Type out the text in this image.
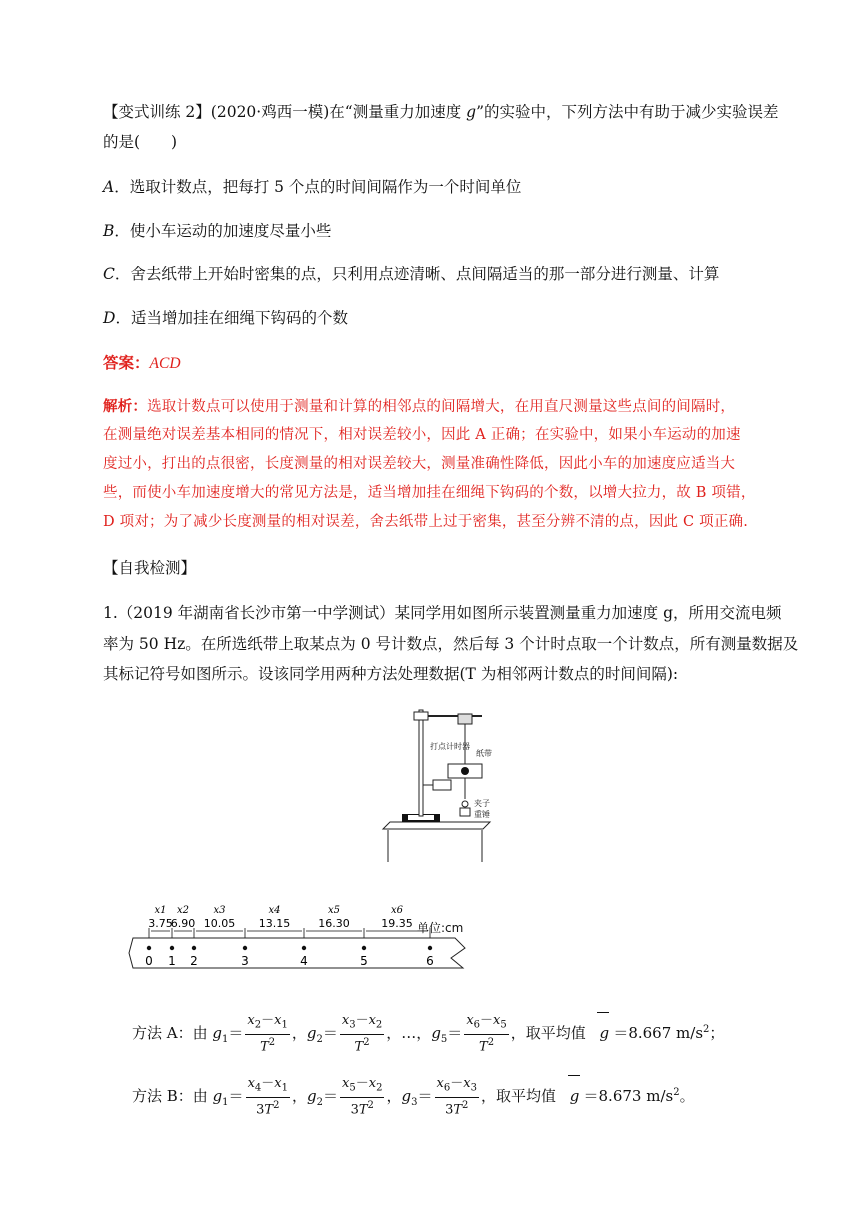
【变式训练 2】(2020·鸡西一模)在“测量重力加速度 g”的实验中，下列方法中有助于减少实验误差
的是(　　)
A．选取计数点，把每打 5 个点的时间间隔作为一个时间单位
B．使小车运动的加速度尽量小些
C．舍去纸带上开始时密集的点，只利用点迹清晰、点间隔适当的那一部分进行测量、计算
D．适当增加挂在细绳下钩码的个数
答案：ACD
解析：选取计数点可以使用于测量和计算的相邻点的间隔增大，在用直尺测量这些点间的间隔时，
在测量绝对误差基本相同的情况下，相对误差较小，因此 A 正确；在实验中，如果小车运动的加速
度过小，打出的点很密，长度测量的相对误差较大，测量准确性降低，因此小车的加速度应适当大
些，而使小车加速度增大的常见方法是，适当增加挂在细绳下钩码的个数，以增大拉力，故 B 项错，
D 项对；为了减少长度测量的相对误差，舍去纸带上过于密集，甚至分辨不清的点，因此 C 项正确.
【自我检测】
1.（2019 年湖南省长沙市第一中学测试）某同学用如图所示装置测量重力加速度 g，所用交流电频
率为 50 Hz。在所选纸带上取某点为 0 号计数点，然后每 3 个计时点取一个计数点，所有测量数据及
其标记符号如图所示。设该同学用两种方法处理数据(T 为相邻两计数点的时间间隔):
打点计时器
纸带
夹子
重锤
x1
3.75
x2
6.90
x3
10.05
x4
13.15
x5
16.30
x6
19.35 单位:cm
0 1 2	3	4	5	6
方法 A：由 $g_1= \frac{x_2-x_1}{T^2}$ ，$g_2= \frac{x_3-x_2}{T^2}$ ，…，$g_5= \frac{x_6-x_5}{T^2}$ ，取平均值 g ＝8.667 $m/s^2$；
方法 B：由 $g_1= \frac{x_4-x_1}{3T^2}$ ，$g_2= \frac{x_5-x_2}{3T^2}$ ，$g_3= \frac{x_6-x_3}{3T^2}$ ，取平均值 g ＝8.673 $m/s^2$。
